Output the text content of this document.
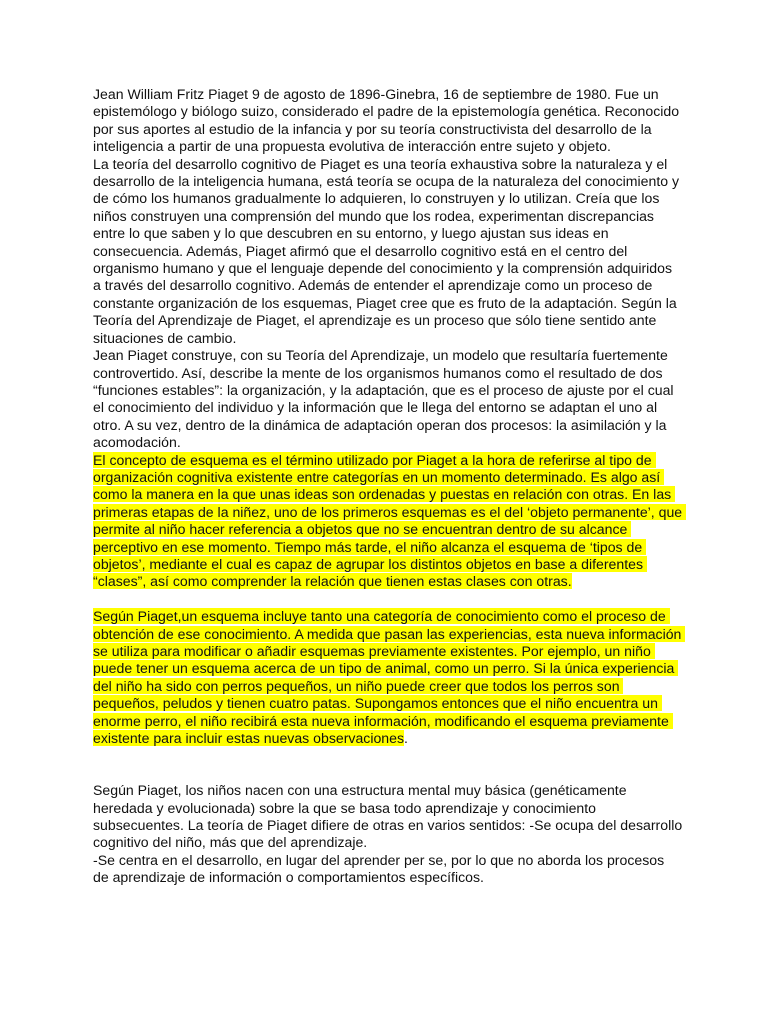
Jean William Fritz Piaget 9 de agosto de 1896-Ginebra, 16 de septiembre de 1980. Fue un epistemólogo y biólogo suizo, considerado el padre de la epistemología genética. Reconocido por sus aportes al estudio de la infancia y por su teoría constructivista del desarrollo de la inteligencia a partir de una propuesta evolutiva de interacción entre sujeto y objeto.

La teoría del desarrollo cognitivo de Piaget es una teoría exhaustiva sobre la naturaleza y el desarrollo de la inteligencia humana, está teoría se ocupa de la naturaleza del conocimiento y de cómo los humanos gradualmente lo adquieren, lo construyen y lo utilizan. Creía que los niños construyen una comprensión del mundo que los rodea, experimentan discrepancias entre lo que saben y lo que descubren en su entorno, y luego ajustan sus ideas en consecuencia. Además, Piaget afirmó que el desarrollo cognitivo está en el centro del organismo humano y que el lenguaje depende del conocimiento y la comprensión adquiridos a través del desarrollo cognitivo. Además de entender el aprendizaje como un proceso de constante organización de los esquemas, Piaget cree que es fruto de la adaptación. Según la Teoría del Aprendizaje de Piaget, el aprendizaje es un proceso que sólo tiene sentido ante situaciones de cambio.

Jean Piaget construye, con su Teoría del Aprendizaje, un modelo que resultaría fuertemente controvertido. Así, describe la mente de los organismos humanos como el resultado de dos “funciones estables”: la organización, y la adaptación, que es el proceso de ajuste por el cual el conocimiento del individuo y la información que le llega del entorno se adaptan el uno al otro. A su vez, dentro de la dinámica de adaptación operan dos procesos: la asimilación y la acomodación.

El concepto de esquema es el término utilizado por Piaget a la hora de referirse al tipo de organización cognitiva existente entre categorías en un momento determinado. Es algo así como la manera en la que unas ideas son ordenadas y puestas en relación con otras. En las primeras etapas de la niñez, uno de los primeros esquemas es el del ‘objeto permanente’, que permite al niño hacer referencia a objetos que no se encuentran dentro de su alcance perceptivo en ese momento. Tiempo más tarde, el niño alcanza el esquema de ‘tipos de objetos’, mediante el cual es capaz de agrupar los distintos objetos en base a diferentes “clases”, así como comprender la relación que tienen estas clases con otras.

Según Piaget,un esquema incluye tanto una categoría de conocimiento como el proceso de obtención de ese conocimiento. A medida que pasan las experiencias, esta nueva información se utiliza para modificar o añadir esquemas previamente existentes. Por ejemplo, un niño puede tener un esquema acerca de un tipo de animal, como un perro. Si la única experiencia del niño ha sido con perros pequeños, un niño puede creer que todos los perros son pequeños, peludos y tienen cuatro patas. Supongamos entonces que el niño encuentra un enorme perro, el niño recibirá esta nueva información, modificando el esquema previamente existente para incluir estas nuevas observaciones.

Según Piaget, los niños nacen con una estructura mental muy básica (genéticamente heredada y evolucionada) sobre la que se basa todo aprendizaje y conocimiento subsecuentes. La teoría de Piaget difiere de otras en varios sentidos: -Se ocupa del desarrollo cognitivo del niño, más que del aprendizaje.

-Se centra en el desarrollo, en lugar del aprender per se, por lo que no aborda los procesos de aprendizaje de información o comportamientos específicos.
